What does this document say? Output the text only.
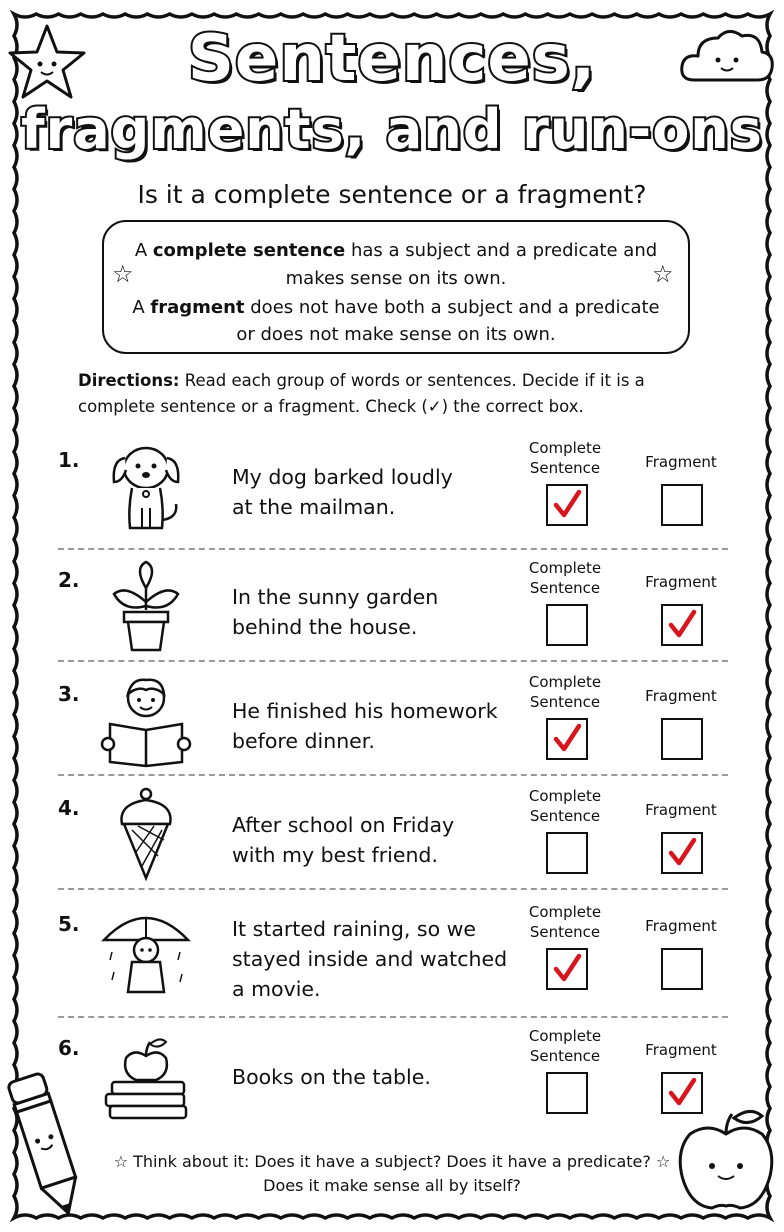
Sentences,
fragments, and run-ons
Is it a complete sentence or a fragment?
A complete sentence has a subject and a predicate and
makes sense on its own.
A fragment does not have both a subject and a predicate
or does not make sense on its own.
☆	☆
Directions: Read each group of words or sentences. Decide if it is a complete sentence or a fragment. Check (✓) the correct box.
1.
My dog barked loudly
at the mailman.
Complete
Sentence	Fragment
2.
In the sunny garden
behind the house.
Complete
Sentence	Fragment
3.
He finished his homework
before dinner.
Complete
Sentence	Fragment
4.
After school on Friday
with my best friend.
Complete
Sentence	Fragment
5.	It started raining, so we
stayed inside and watched
a movie.
Complete
Sentence	Fragment
6.
Books on the table.
Complete
Sentence	Fragment
☆ Think about it: Does it have a subject? Does it have a predicate? ☆
Does it make sense all by itself?
